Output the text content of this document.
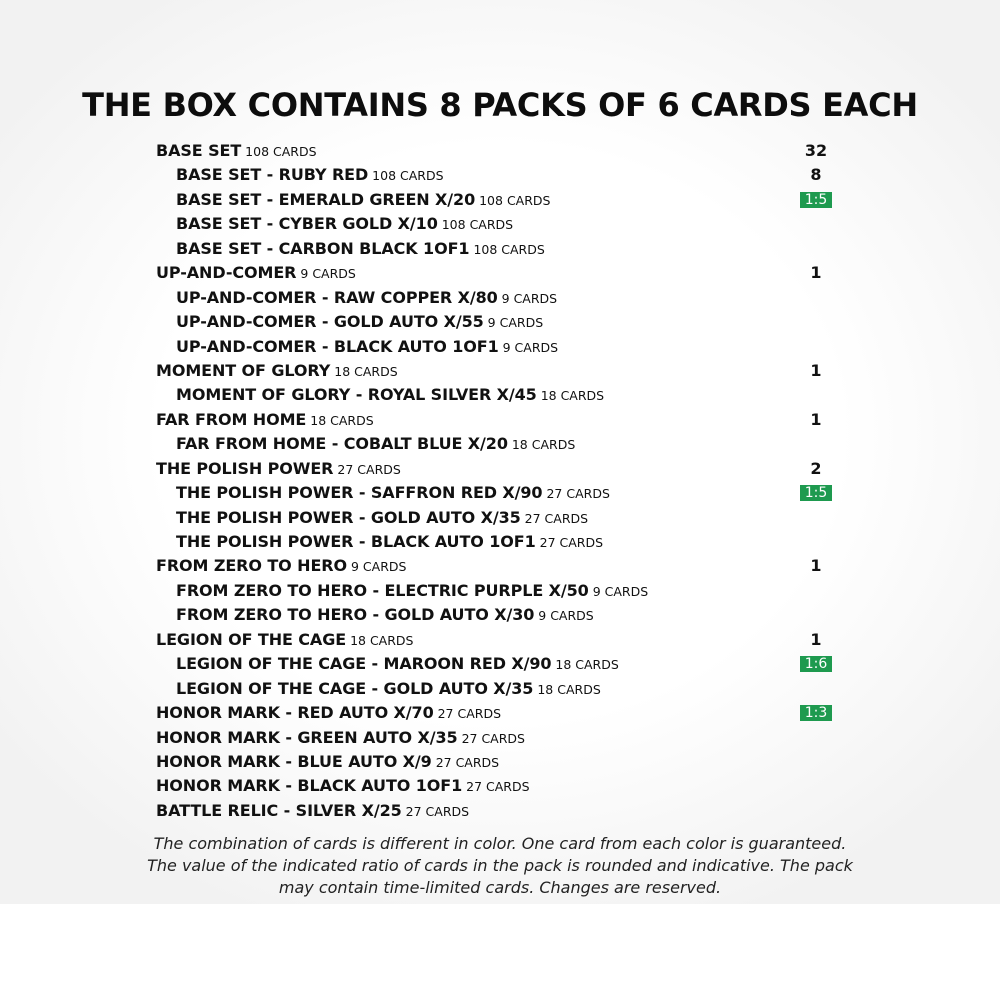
THE BOX CONTAINS 8 PACKS OF 6 CARDS EACH
BASE SET 108 CARDS	32
BASE SET - RUBY RED 108 CARDS	8
BASE SET - EMERALD GREEN X/20 108 CARDS	1:5
BASE SET - CYBER GOLD X/10 108 CARDS
BASE SET - CARBON BLACK 1OF1 108 CARDS
UP-AND-COMER 9 CARDS	1
UP-AND-COMER - RAW COPPER X/80 9 CARDS
UP-AND-COMER - GOLD AUTO X/55 9 CARDS
UP-AND-COMER - BLACK AUTO 1OF1 9 CARDS
MOMENT OF GLORY 18 CARDS	1
MOMENT OF GLORY - ROYAL SILVER X/45 18 CARDS
FAR FROM HOME 18 CARDS	1
FAR FROM HOME - COBALT BLUE X/20 18 CARDS
THE POLISH POWER 27 CARDS	2
THE POLISH POWER - SAFFRON RED X/90 27 CARDS	1:5
THE POLISH POWER - GOLD AUTO X/35 27 CARDS
THE POLISH POWER - BLACK AUTO 1OF1 27 CARDS
FROM ZERO TO HERO 9 CARDS	1
FROM ZERO TO HERO - ELECTRIC PURPLE X/50 9 CARDS
FROM ZERO TO HERO - GOLD AUTO X/30 9 CARDS
LEGION OF THE CAGE 18 CARDS	1
LEGION OF THE CAGE - MAROON RED X/90 18 CARDS	1:6
LEGION OF THE CAGE - GOLD AUTO X/35 18 CARDS
HONOR MARK - RED AUTO X/70 27 CARDS	1:3
HONOR MARK - GREEN AUTO X/35 27 CARDS
HONOR MARK - BLUE AUTO X/9 27 CARDS
HONOR MARK - BLACK AUTO 1OF1 27 CARDS
BATTLE RELIC - SILVER X/25 27 CARDS
The combination of cards is different in color. One card from each color is guaranteed.
The value of the indicated ratio of cards in the pack is rounded and indicative. The pack
may contain time-limited cards. Changes are reserved.
